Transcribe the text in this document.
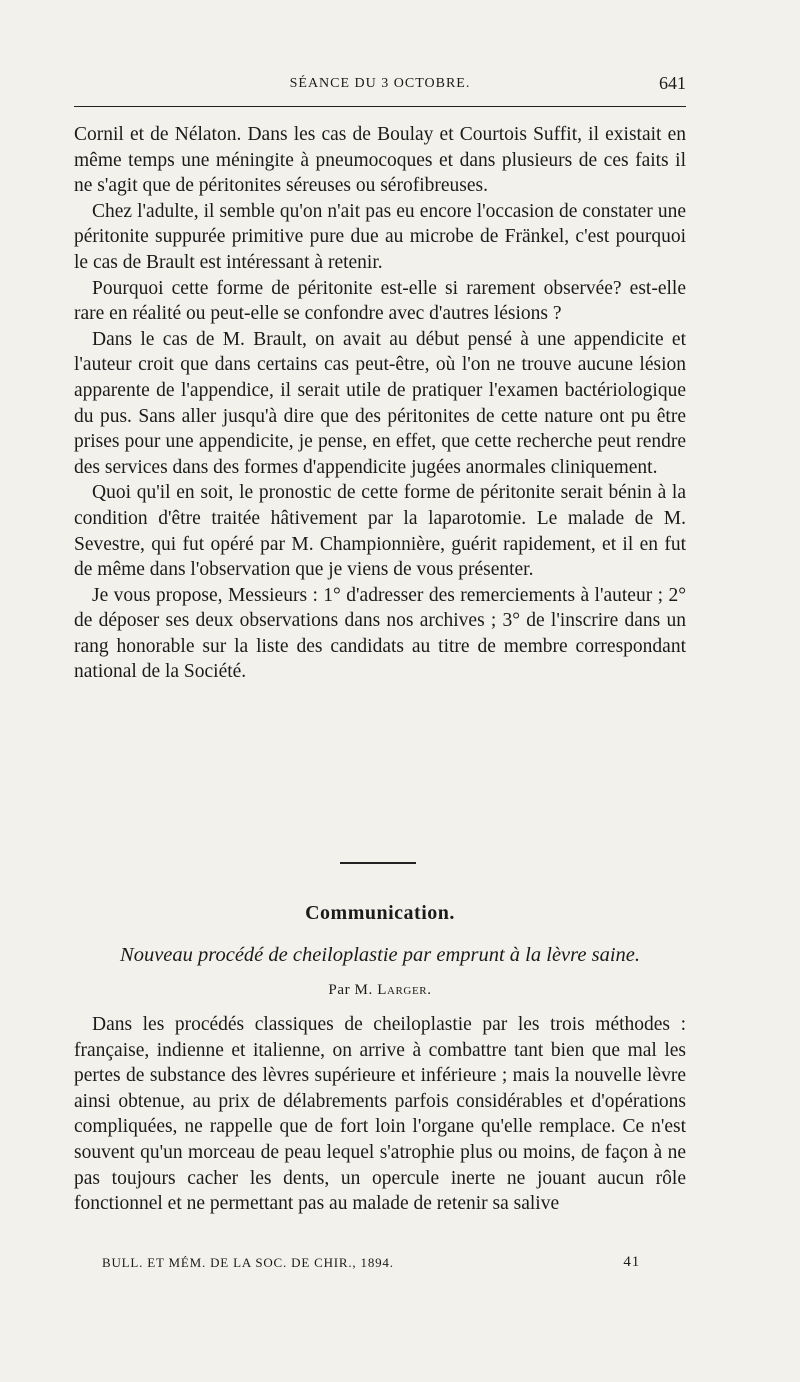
SÉANCE DU 3 OCTOBRE.	641

Cornil et de Nélaton. Dans les cas de Boulay et Courtois Suffit, il existait en même temps une méningite à pneumocoques et dans plusieurs de ces faits il ne s'agit que de péritonites séreuses ou sérofibreuses.

Chez l'adulte, il semble qu'on n'ait pas eu encore l'occasion de constater une péritonite suppurée primitive pure due au microbe de Fränkel, c'est pourquoi le cas de Brault est intéressant à retenir.

Pourquoi cette forme de péritonite est-elle si rarement observée? est-elle rare en réalité ou peut-elle se confondre avec d'autres lésions ?

Dans le cas de M. Brault, on avait au début pensé à une appendicite et l'auteur croit que dans certains cas peut-être, où l'on ne trouve aucune lésion apparente de l'appendice, il serait utile de pratiquer l'examen bactériologique du pus. Sans aller jusqu'à dire que des péritonites de cette nature ont pu être prises pour une appendicite, je pense, en effet, que cette recherche peut rendre des services dans des formes d'appendicite jugées anormales cliniquement.

Quoi qu'il en soit, le pronostic de cette forme de péritonite serait bénin à la condition d'être traitée hâtivement par la laparotomie. Le malade de M. Sevestre, qui fut opéré par M. Championnière, guérit rapidement, et il en fut de même dans l'observation que je viens de vous présenter.

Je vous propose, Messieurs : 1° d'adresser des remerciements à l'auteur ; 2° de déposer ses deux observations dans nos archives ; 3° de l'inscrire dans un rang honorable sur la liste des candidats au titre de membre correspondant national de la Société.

Communication.
Nouveau procédé de cheiloplastie par emprunt à la lèvre saine.
Par M. Larger.

Dans les procédés classiques de cheiloplastie par les trois méthodes : française, indienne et italienne, on arrive à combattre tant bien que mal les pertes de substance des lèvres supérieure et inférieure ; mais la nouvelle lèvre ainsi obtenue, au prix de délabrements parfois considérables et d'opérations compliquées, ne rappelle que de fort loin l'organe qu'elle remplace. Ce n'est souvent qu'un morceau de peau lequel s'atrophie plus ou moins, de façon à ne pas toujours cacher les dents, un opercule inerte ne jouant aucun rôle fonctionnel et ne permettant pas au malade de retenir sa salive

BULL. ET MÉM. DE LA SOC. DE CHIR., 1894.	41
